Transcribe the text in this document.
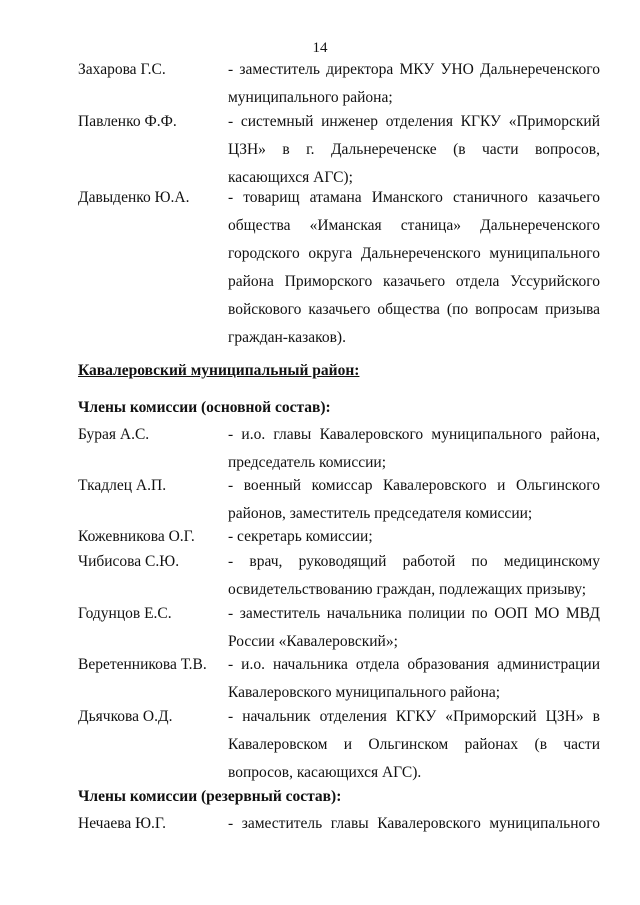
14
Захарова Г.С.	- заместитель директора МКУ УНО Дальнереченского
муниципального района;
Павленко Ф.Ф.	- системный инженер отделения КГКУ «Приморский
ЦЗН» в г. Дальнереченске (в части вопросов,
касающихся АГС);
Давыденко Ю.А.	- товарищ атамана Иманского станичного казачьего
общества «Иманская станица» Дальнереченского
городского округа Дальнереченского муниципального
района Приморского казачьего отдела Уссурийского
войскового казачьего общества (по вопросам призыва
граждан-казаков).
Кавалеровский муниципальный район:
Члены комиссии (основной состав):
Бурая А.С.	- и.о. главы Кавалеровского муниципального района,
председатель комиссии;
Ткадлец А.П.	- военный комиссар Кавалеровского и Ольгинского
районов, заместитель председателя комиссии;
Кожевникова О.Г.	- секретарь комиссии;
Чибисова С.Ю.	- врач, руководящий работой по медицинскому
освидетельствованию граждан, подлежащих призыву;
Годунцов Е.С.	- заместитель начальника полиции по ООП МО МВД
России «Кавалеровский»;
Веретенникова Т.В.	- и.о. начальника отдела образования администрации
Кавалеровского муниципального района;
Дьячкова О.Д.	- начальник отделения КГКУ «Приморский ЦЗН» в
Кавалеровском и Ольгинском районах (в части
вопросов, касающихся АГС).
Члены комиссии (резервный состав):
Нечаева Ю.Г.	- заместитель главы Кавалеровского муниципального
